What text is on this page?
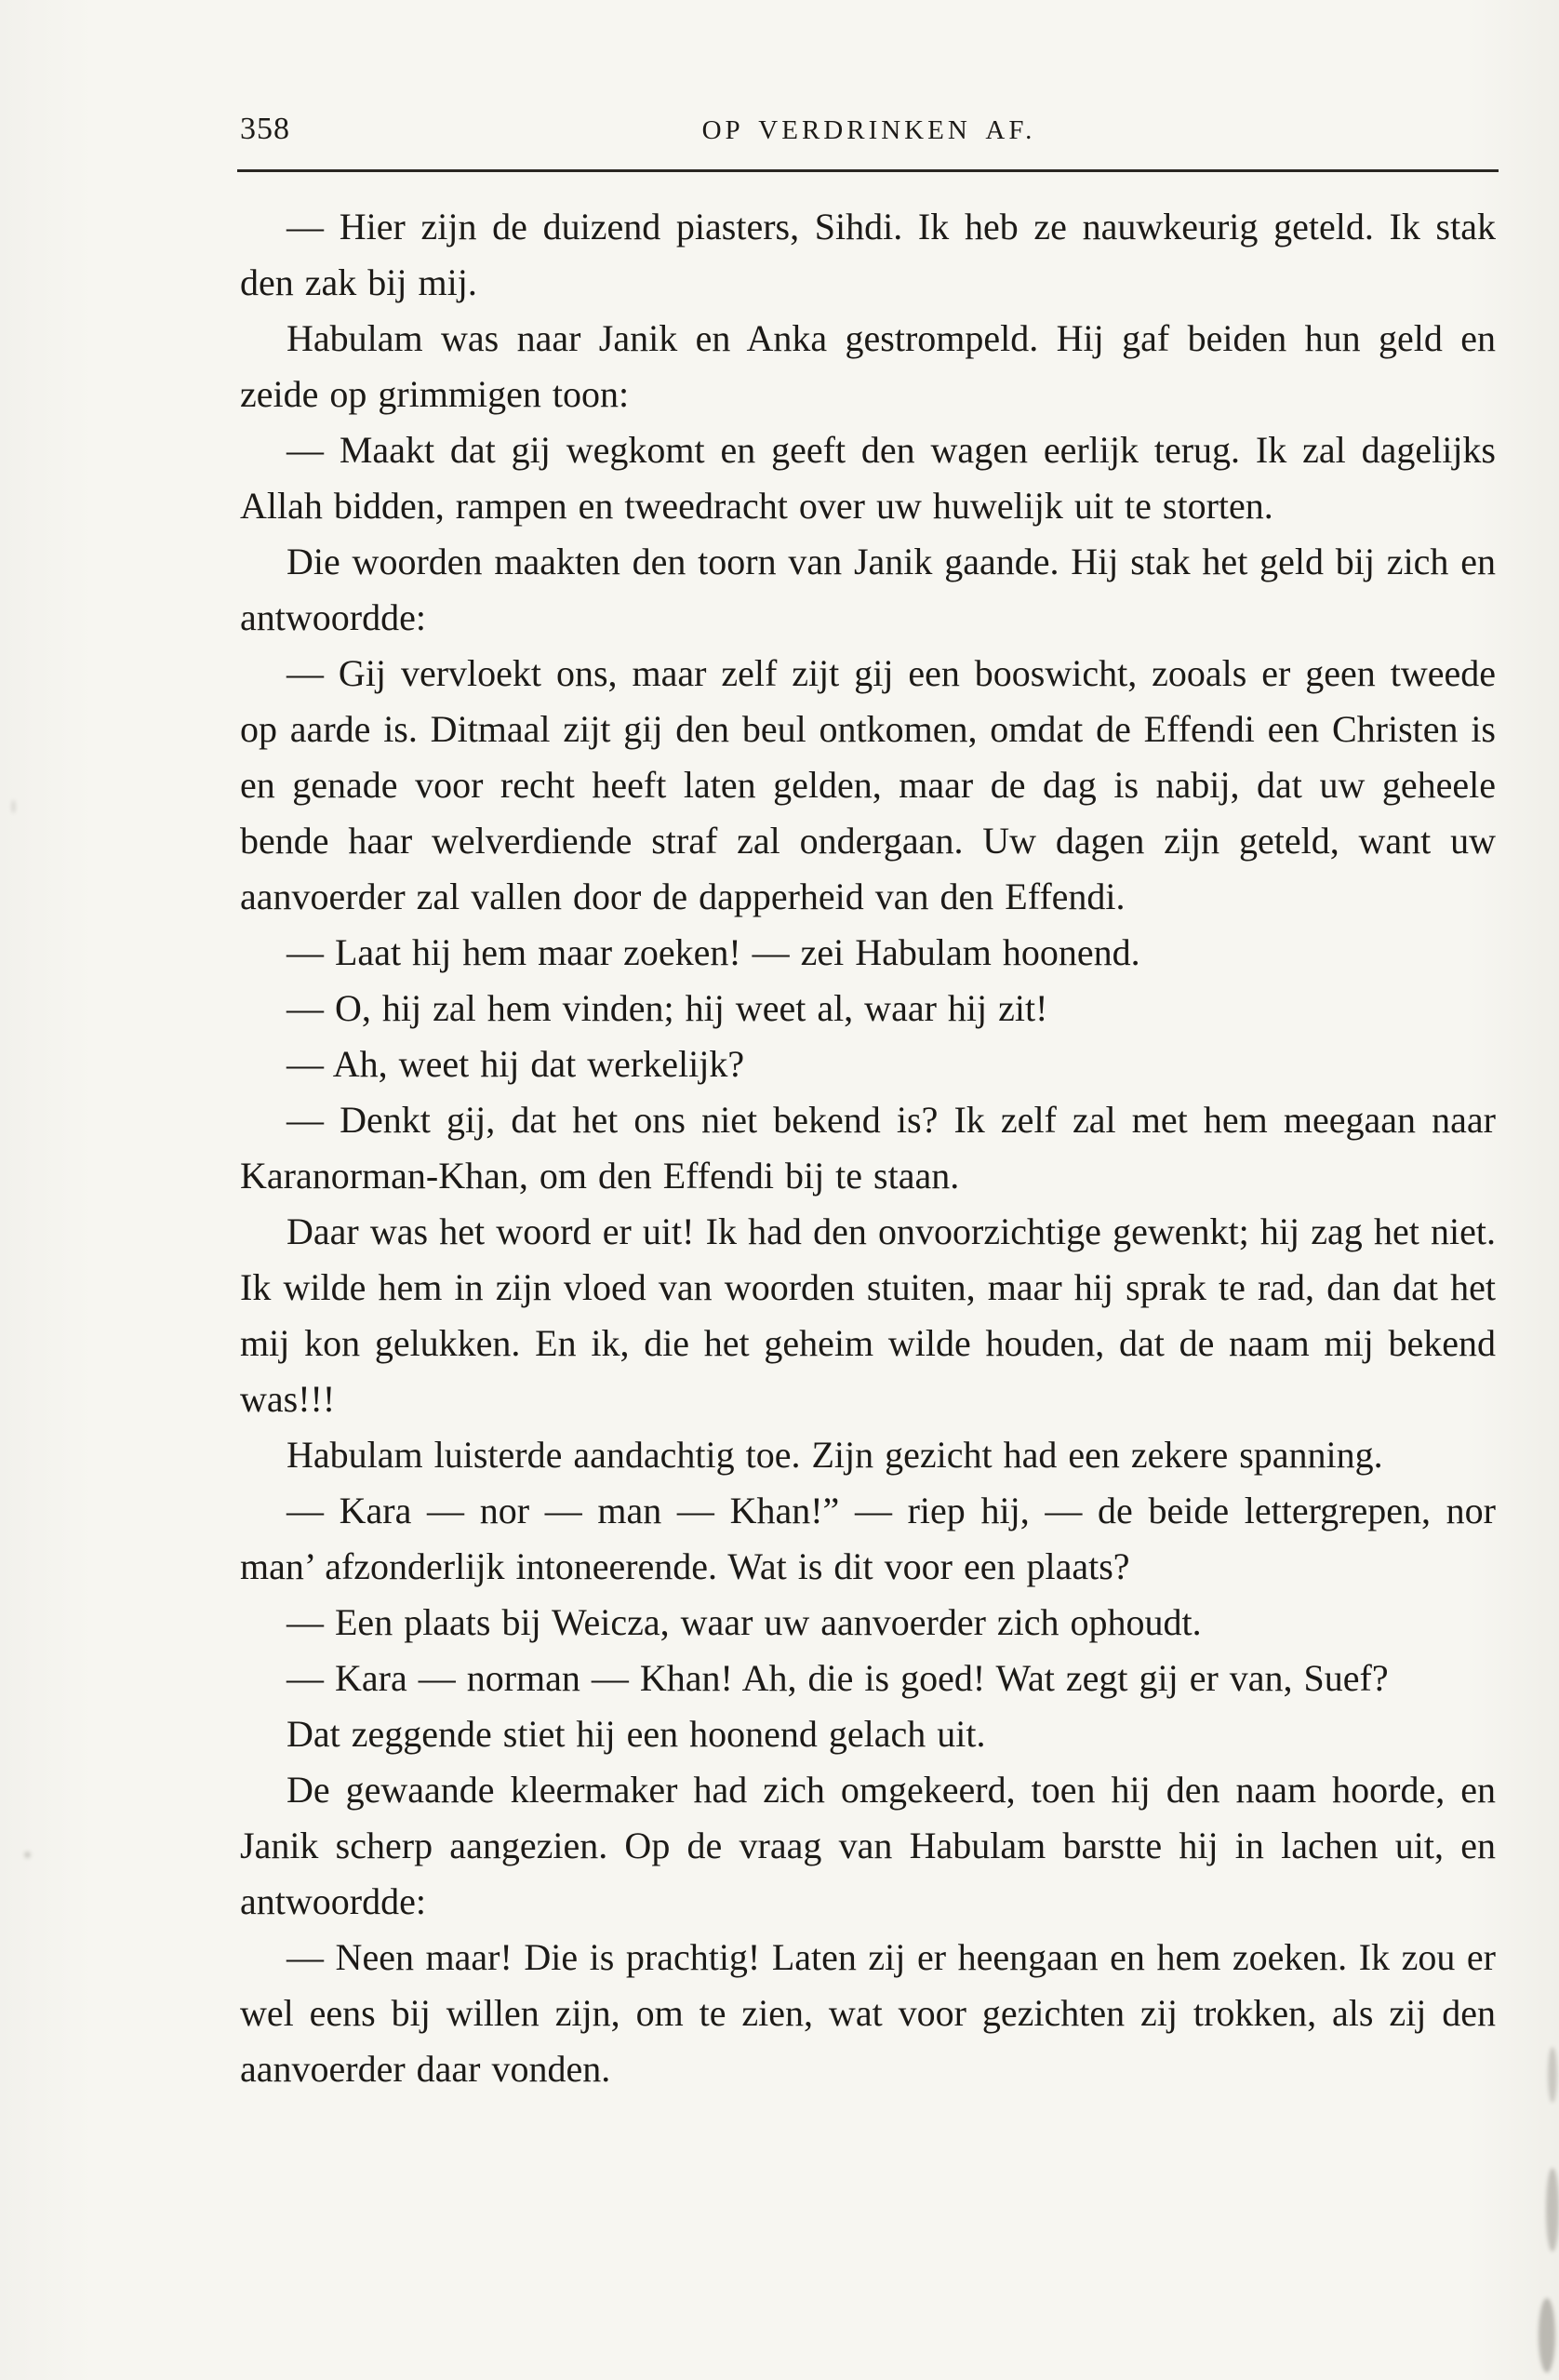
358	OP VERDRINKEN AF.

— Hier zijn de duizend piasters, Sihdi. Ik heb ze nauwkeurig geteld. Ik stak den zak bij mij.

Habulam was naar Janik en Anka gestrompeld. Hij gaf beiden hun geld en zeide op grimmigen toon:

— Maakt dat gij wegkomt en geeft den wagen eerlijk terug. Ik zal dagelijks Allah bidden, rampen en tweedracht over uw huwelijk uit te storten.

Die woorden maakten den toorn van Janik gaande. Hij stak het geld bij zich en antwoordde:

— Gij vervloekt ons, maar zelf zijt gij een booswicht, zooals er geen tweede op aarde is. Ditmaal zijt gij den beul ontkomen, omdat de Effendi een Christen is en genade voor recht heeft laten gelden, maar de dag is nabij, dat uw geheele bende haar welverdiende straf zal ondergaan. Uw dagen zijn geteld, want uw aanvoerder zal vallen door de dapperheid van den Effendi.

— Laat hij hem maar zoeken! — zei Habulam hoonend.

— O, hij zal hem vinden; hij weet al, waar hij zit!

— Ah, weet hij dat werkelijk?

— Denkt gij, dat het ons niet bekend is? Ik zelf zal met hem meegaan naar Karanorman-Khan, om den Effendi bij te staan.

Daar was het woord er uit! Ik had den onvoorzichtige gewenkt; hij zag het niet. Ik wilde hem in zijn vloed van woorden stuiten, maar hij sprak te rad, dan dat het mij kon gelukken. En ik, die het geheim wilde houden, dat de naam mij bekend was!!!

Habulam luisterde aandachtig toe. Zijn gezicht had een zekere spanning.

— Kara — nor — man — Khan!” — riep hij, — de beide lettergrepen, nor man’ afzonderlijk intoneerende. Wat is dit voor een plaats?

— Een plaats bij Weicza, waar uw aanvoerder zich ophoudt.

— Kara — norman — Khan! Ah, die is goed! Wat zegt gij er van, Suef?

Dat zeggende stiet hij een hoonend gelach uit.

De gewaande kleermaker had zich omgekeerd, toen hij den naam hoorde, en Janik scherp aangezien. Op de vraag van Habulam barstte hij in lachen uit, en antwoordde:

— Neen maar! Die is prachtig! Laten zij er heengaan en hem zoeken. Ik zou er wel eens bij willen zijn, om te zien, wat voor gezichten zij trokken, als zij den aanvoerder daar vonden.
